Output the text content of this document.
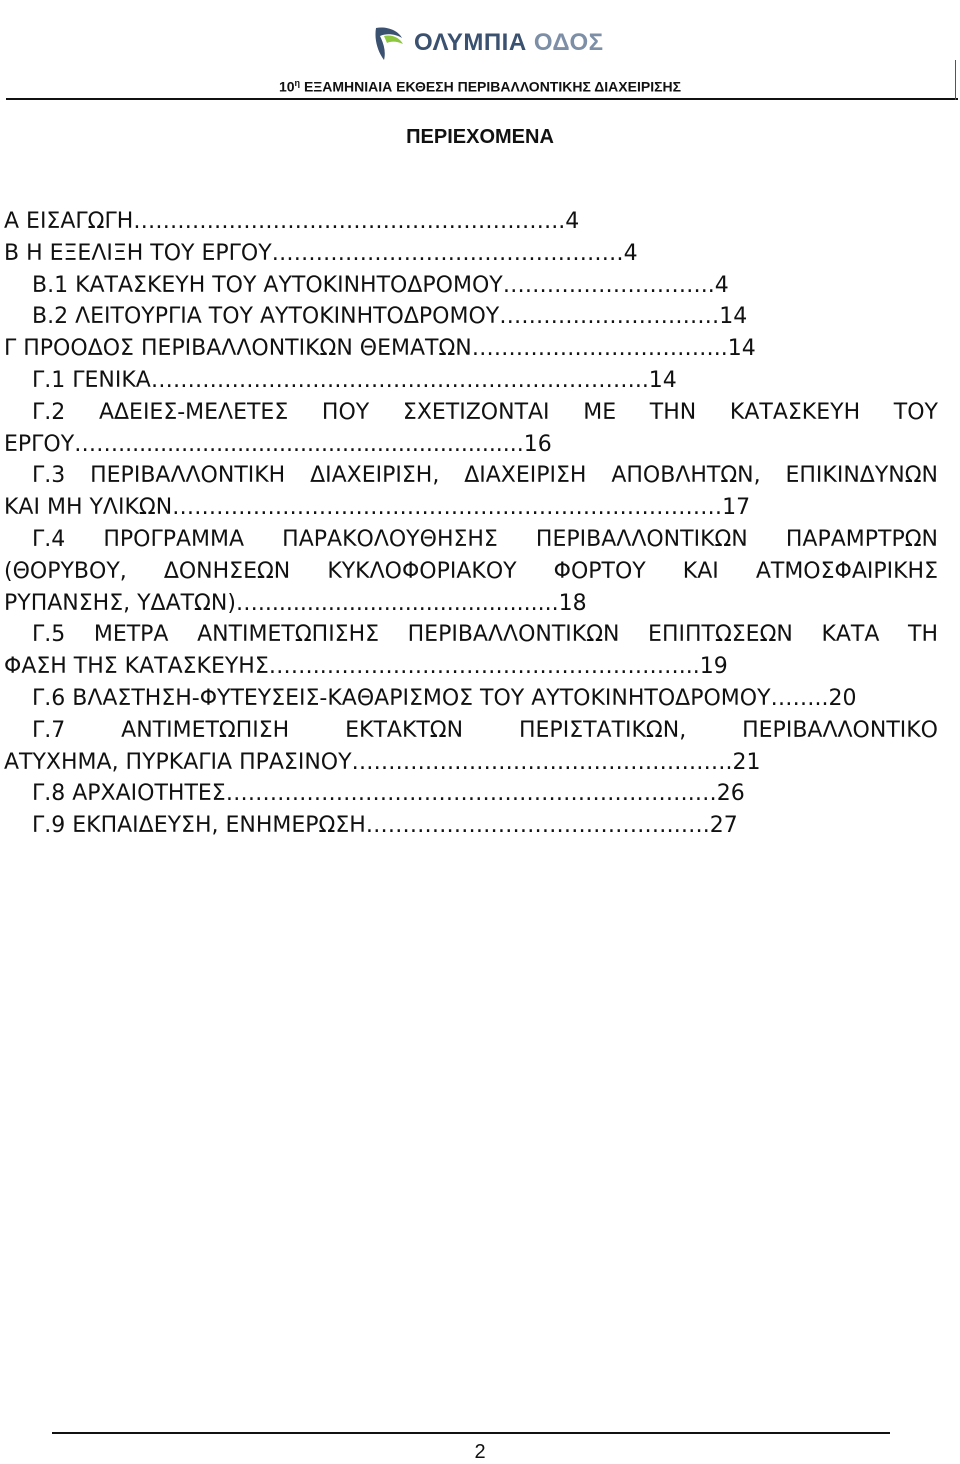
ΟΛΥΜΠΙΑ ΟΔΟΣ
$10^\eta$ ΕΞΑΜΗΝΙΑΙΑ ΕΚΘΕΣΗ ΠΕΡΙΒΑΛΛΟΝΤΙΚΗΣ ΔΙΑΧΕΙΡΙΣΗΣ
ΠΕΡΙΕΧΟΜΕΝΑ
Α ΕΙΣΑΓΩΓΗ…………………………………………………..4
Β Η ΕΞΕΛΙΞΗ ΤΟΥ ΕΡΓΟΥ…………………………………………4
Β.1 ΚΑΤΑΣΚΕΥΗ ΤΟΥ ΑΥΤΟΚΙΝΗΤΟΔΡΟΜΟΥ………………………..4
Β.2 ΛΕΙΤΟΥΡΓΙΑ ΤΟΥ ΑΥΤΟΚΙΝΗΤΟΔΡΟΜΟΥ…………………………14
Γ ΠΡΟΟΔΟΣ ΠΕΡΙΒΑΛΛΟΝΤΙΚΩΝ ΘΕΜΑΤΩΝ……………………………..14
Γ.1 ΓΕΝΙΚΑ…………………………………………………………..14
Γ.2 ΑΔΕΙΕΣ-ΜΕΛΕΤΕΣ ΠΟΥ ΣΧΕΤΙΖΟΝΤΑΙ ΜΕ ΤΗΝ ΚΑΤΑΣΚΕΥΗ ΤΟΥ
ΕΡΓΟΥ……..........................................................16
Γ.3 ΠΕΡΙΒΑΛΛΟΝΤΙΚΗ ΔΙΑΧΕΙΡΙΣΗ, ΔΙΑΧΕΙΡΙΣΗ ΑΠΟΒΛΗΤΩΝ, ΕΠΙΚΙΝΔΥΝΩΝ
ΚΑΙ ΜΗ ΥΛΙΚΩΝ…………………………………………………………………17
Γ.4 ΠΡΟΓΡΑΜΜΑ ΠΑΡΑΚΟΛΟΥΘΗΣΗΣ ΠΕΡΙΒΑΛΛΟΝΤΙΚΩΝ ΠΑΡΑΜΡΤΡΩΝ
(ΘΟΡΥΒΟΥ, ΔΟΝΗΣΕΩΝ ΚΥΚΛΟΦΟΡΙΑΚΟΥ ΦΟΡΤΟΥ ΚΑΙ ΑΤΜΟΣΦΑΙΡΙΚΗΣ
ΡΥΠΑΝΣΗΣ, ΥΔΑΤΩΝ)…...........................................18
Γ.5 ΜΕΤΡΑ ΑΝΤΙΜΕΤΩΠΙΣΗΣ ΠΕΡΙΒΑΛΛΟΝΤΙΚΩΝ ΕΠΙΠΤΩΣΕΩΝ ΚΑΤΑ ΤΗ
ΦΑΣΗ ΤΗΣ ΚΑΤΑΣΚΕΥΗΣ……..…………………………………………...19
Γ.6 ΒΛΑΣΤΗΣΗ-ΦΥΤΕΥΣΕΙΣ-ΚΑΘΑΡΙΣΜΟΣ ΤΟΥ ΑΥΤΟΚΙΝΗΤΟΔΡΟΜΟΥ……..20
Γ.7 ΑΝΤΙΜΕΤΩΠΙΣΗ ΕΚΤΑΚΤΩΝ ΠΕΡΙΣΤΑΤΙΚΩΝ, ΠΕΡΙΒΑΛΛΟΝΤΙΚΟ
ΑΤΥΧΗΜΑ, ΠΥΡΚΑΓΙΑ ΠΡΑΣΙΝΟΥ…………………………………………….21
Γ.8 ΑΡΧΑΙΟΤΗΤΕΣ……………………………………………………….…26
Γ.9 ΕΚΠΑΙΔΕΥΣΗ, ΕΝΗΜΕΡΩΣΗ…………………………………….….27
2
